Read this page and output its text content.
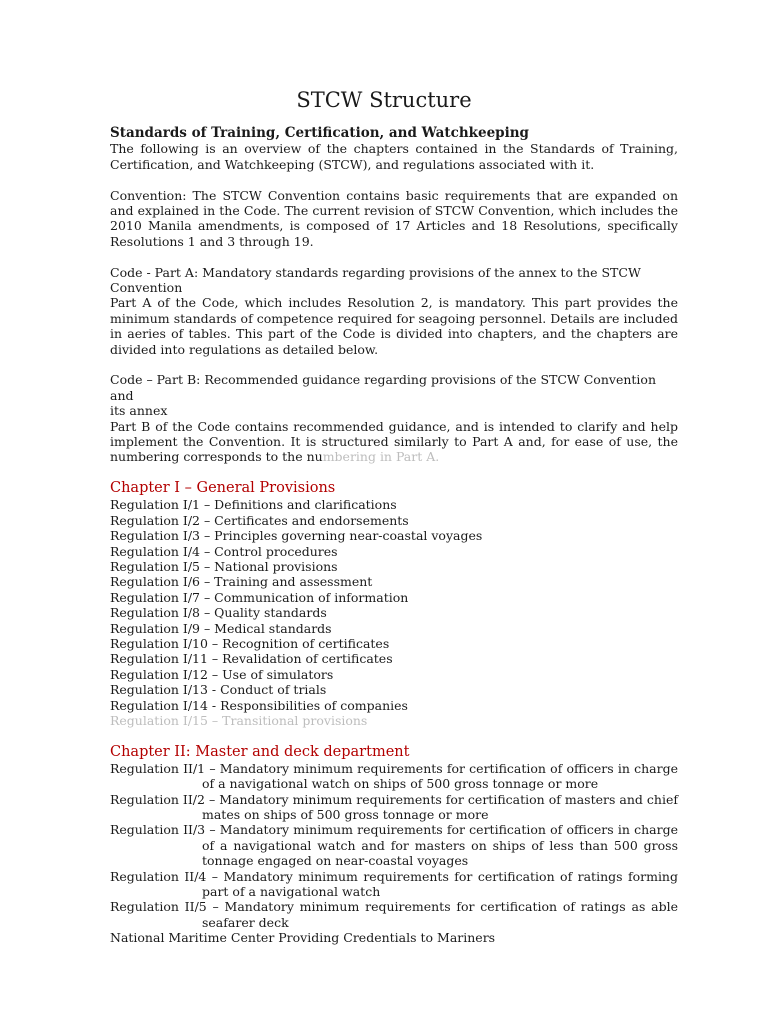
STCW Structure
Standards of Training, Certification, and Watchkeeping

The following is an overview of the chapters contained in the Standards of Training, Certification, and Watchkeeping (STCW), and regulations associated with it.

Convention: The STCW Convention contains basic requirements that are expanded on and explained in the Code. The current revision of STCW Convention, which includes the 2010 Manila amendments, is composed of 17 Articles and 18 Resolutions, specifically Resolutions 1 and 3 through 19.

Code - Part A: Mandatory standards regarding provisions of the annex to the STCW Convention

Part A of the Code, which includes Resolution 2, is mandatory. This part provides the minimum standards of competence required for seagoing personnel. Details are included in aeries of tables. This part of the Code is divided into chapters, and the chapters are divided into regulations as detailed below.

Code – Part B: Recommended guidance regarding provisions of the STCW Convention and

its annex

Part B of the Code contains recommended guidance, and is intended to clarify and help implement the Convention. It is structured similarly to Part A and, for ease of use, the numbering corresponds to the numbering in Part A.

Chapter I – General Provisions

Regulation I/1 – Definitions and clarifications

Regulation I/2 – Certificates and endorsements

Regulation I/3 – Principles governing near-coastal voyages

Regulation I/4 – Control procedures

Regulation I/5 – National provisions

Regulation I/6 – Training and assessment

Regulation I/7 – Communication of information

Regulation I/8 – Quality standards

Regulation I/9 – Medical standards

Regulation I/10 – Recognition of certificates

Regulation I/11 – Revalidation of certificates

Regulation I/12 – Use of simulators

Regulation I/13 - Conduct of trials

Regulation I/14 - Responsibilities of companies

Regulation I/15 – Transitional provisions

Chapter II: Master and deck department

Regulation II/1 – Mandatory minimum requirements for certification of officers in charge of a navigational watch on ships of 500 gross tonnage or more

Regulation II/2 – Mandatory minimum requirements for certification of masters and chief mates on ships of 500 gross tonnage or more

Regulation II/3 – Mandatory minimum requirements for certification of officers in charge of a navigational watch and for masters on ships of less than 500 gross tonnage engaged on near-coastal voyages

Regulation II/4 – Mandatory minimum requirements for certification of ratings forming part of a navigational watch

Regulation II/5 – Mandatory minimum requirements for certification of ratings as able seafarer deck

National Maritime Center Providing Credentials to Mariners
